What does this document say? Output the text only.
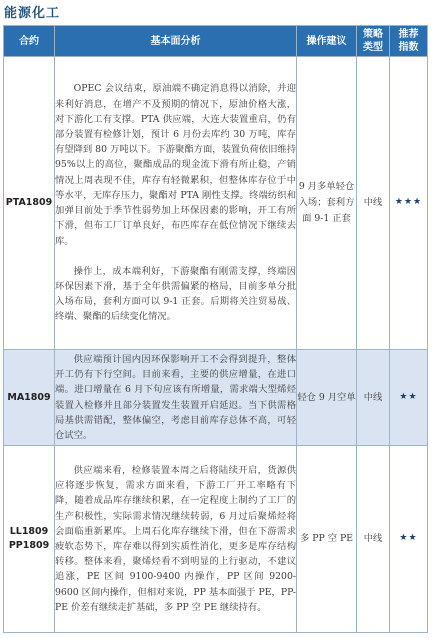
能源化工
合约	基本面分析	操作建议	策略类型	推荐指数
PTA1809	OPEC 会议结束，原油端不确定消息得以消除，并迎来利好消息，在增产不及预期的情况下，原油价格大涨，对下游化工有支撑。PTA 供应端，大连大装置重启，仍有部分装置有检修计划，预计 6 月份去库约 30 万吨，库存有望降到 80 万吨以下。下游聚酯方面，装置负荷依旧维持 95%以上的高位，聚酯成品的现金流下滑有所止稳，产销情况上周表现不佳，库存有轻微累积，但整体库存位于中等水平，无库存压力，聚酯对 PTA 刚性支撑。终端纺织和加弹目前处于季节性弱势加上环保因素的影响，开工有所下滑，但布工厂订单良好，布匹库存在低位情况下继续去库。

操作上，成本端利好，下游聚酯有刚需支撑，终端因环保因素下滑，基于全年供需偏紧的格局，目前多单分批入场布局，套利方面可以 9-1 正套。后期将关注贸易战、终端、聚酯的后续变化情况。	9 月多单轻仓入场；套利方面 9-1 正套	中线	★★★
MA1809	供应端预计国内因环保影响开工不会得到提升，整体开工仍有下行空间。目前来看，主要的供应增量，在进口端。进口增量在 6 月下旬应该有所增量，需求端大型烯烃装置入检修并且部分装置发生装置开启延迟。当下供需格局基供需错配，整体偏空，考虑目前库存总体不高，可轻仓试空。	轻仓 9 月空单	中线	★★
LL1809
PP1809	供应端来看，检修装置本周之后将陆续开启，货源供应将逐步恢复，需求方面来看，下游工厂开工率略有下降，随着成品库存继续积累，在一定程度上制约了工厂的生产积极性，实际需求情况继续转弱，6 月过后聚烯烃将会面临重新累库。上周石化库存继续下滑，但在下游需求疲软态势下，库存难以得到实质性消化，更多是库存结构转移。整体来看，聚烯烃看不到明显的上行驱动，不建议追涨，PE 区间 9100-9400 内操作，PP 区间 9200-9600 区间内操作，但相对来说，PP 基本面强于 PE，PP-PE 价差有继续走扩基础，多 PP 空 PE 继续持有。	多 PP 空 PE	中线	★★
